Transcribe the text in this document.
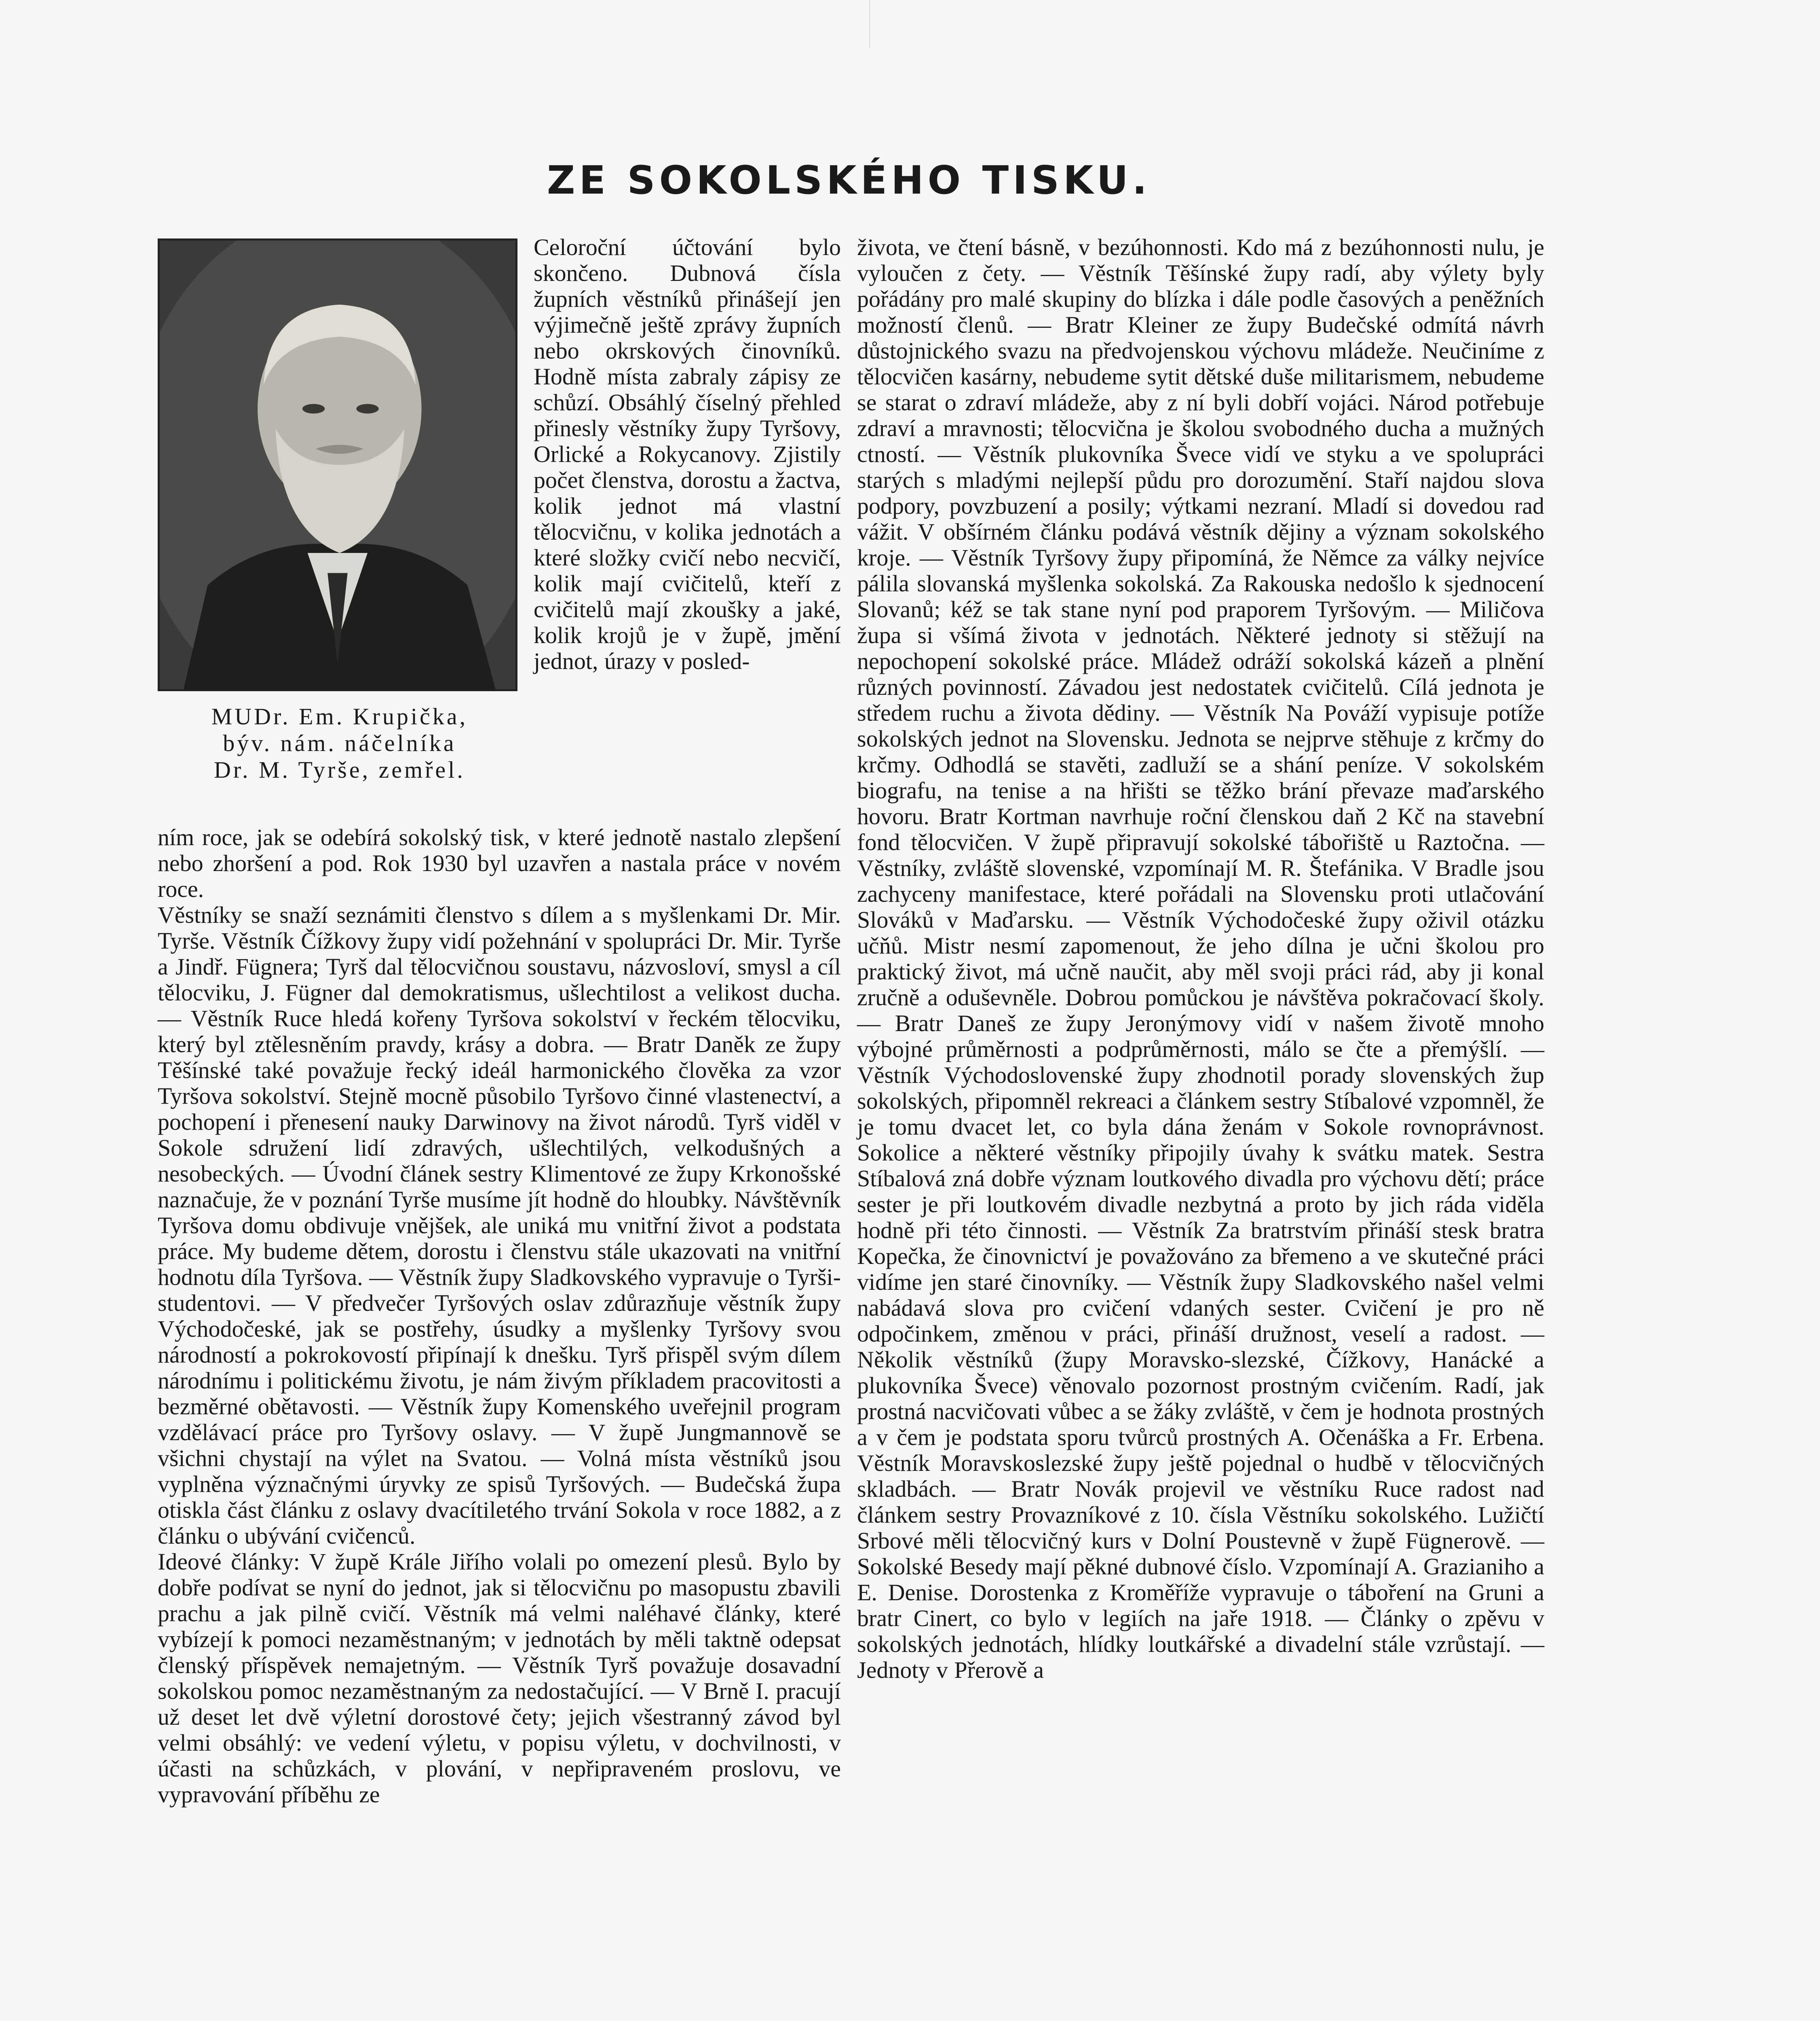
ZE SOKOLSKÉHO TISKU.
MUDr. Em. Krupička,
býv. nám. náčelníka
Dr. M. Tyrše, zemřel.
Celoroční účtování bylo skončeno. Dubnová čísla župních věstníků přinášejí jen výjimečně ještě zprávy župních nebo okrskových činovníků. Hodně místa zabraly zápisy ze schůzí. Obsáhlý číselný přehled přinesly věstníky župy Tyršovy, Orlické a Rokycanovy. Zjistily počet členstva, dorostu a žactva, kolik jednot má vlastní tělocvičnu, v kolika jednotách a které složky cvičí nebo necvičí, kolik mají cvičitelů, kteří z cvičitelů mají zkoušky a jaké, kolik krojů je v župě, jmění jednot, úrazy v posled-
ním roce, jak se odebírá sokolský tisk, v které jednotě nastalo zlepšení nebo zhoršení a pod. Rok 1930 byl uzavřen a nastala práce v novém roce.
Věstníky se snaží seznámiti členstvo s dílem a s myšlenkami Dr. Mir. Tyrše. Věstník Čížkovy župy vidí požehnání v spolupráci Dr. Mir. Tyrše a Jindř. Fügnera; Tyrš dal tělocvičnou soustavu, názvosloví, smysl a cíl tělocviku, J. Fügner dal demokratismus, ušlechtilost a velikost ducha. — Věstník Ruce hledá kořeny Tyršova sokolství v řeckém tělocviku, který byl ztělesněním pravdy, krásy a dobra. — Bratr Daněk ze župy Těšínské také považuje řecký ideál harmonického člověka za vzor Tyršova sokolství. Stejně mocně působilo Tyršovo činné vlastenectví, a pochopení i přenesení nauky Darwinovy na život národů. Tyrš viděl v Sokole sdružení lidí zdravých, ušlechtilých, velkodušných a nesobeckých. — Úvodní článek sestry Klimentové ze župy Krkonošské naznačuje, že v poznání Tyrše musíme jít hodně do hloubky. Návštěvník Tyršova domu obdivuje vnějšek, ale uniká mu vnitřní život a podstata práce. My budeme dětem, dorostu i členstvu stále ukazovati na vnitřní hodnotu díla Tyršova. — Věstník župy Sladkovského vypravuje o Tyrši-studentovi. — V předvečer Tyršových oslav zdůrazňuje věstník župy Východočeské, jak se postřehy, úsudky a myšlenky Tyršovy svou národností a pokrokovostí připínají k dnešku. Tyrš přispěl svým dílem národnímu i politickému životu, je nám živým příkladem pracovitosti a bezměrné obětavosti. — Věstník župy Komenského uveřejnil program vzdělávací práce pro Tyršovy oslavy. — V župě Jungmannově se všichni chystají na výlet na Svatou. — Volná místa věstníků jsou vyplněna význačnými úryvky ze spisů Tyršových. — Budečská župa otiskla část článku z oslavy dvacítiletého trvání Sokola v roce 1882, a z článku o ubývání cvičenců.
Ideové články: V župě Krále Jiřího volali po omezení plesů. Bylo by dobře podívat se nyní do jednot, jak si tělocvičnu po masopustu zbavili prachu a jak pilně cvičí. Věstník má velmi naléhavé články, které vybízejí k pomoci nezaměstnaným; v jednotách by měli taktně odepsat členský příspěvek nemajetným. — Věstník Tyrš považuje dosavadní sokolskou pomoc nezaměstnaným za nedostačující. — V Brně I. pracují už deset let dvě výletní dorostové čety; jejich všestranný závod byl velmi obsáhlý: ve vedení výletu, v popisu výletu, v dochvilnosti, v účasti na schůzkách, v plování, v nepřipraveném proslovu, ve vypravování příběhu ze
života, ve čtení básně, v bezúhonnosti. Kdo má z bezúhonnosti nulu, je vyloučen z čety. — Věstník Těšínské župy radí, aby výlety byly pořádány pro malé skupiny do blízka i dále podle časových a peněžních možností členů. — Bratr Kleiner ze župy Budečské odmítá návrh důstojnického svazu na předvojenskou výchovu mládeže. Neučiníme z tělocvičen kasárny, nebudeme sytit dětské duše militarismem, nebudeme se starat o zdraví mládeže, aby z ní byli dobří vojáci. Národ potřebuje zdraví a mravnosti; tělocvična je školou svobodného ducha a mužných ctností. — Věstník plukovníka Švece vidí ve styku a ve spolupráci starých s mladými nejlepší půdu pro dorozumění. Staří najdou slova podpory, povzbuzení a posily; výtkami nezraní. Mladí si dovedou rad vážit. V obšírném článku podává věstník dějiny a význam sokolského kroje. — Věstník Tyršovy župy připomíná, že Němce za války nejvíce pálila slovanská myšlenka sokolská. Za Rakouska nedošlo k sjednocení Slovanů; kéž se tak stane nyní pod praporem Tyršovým. — Miličova župa si všímá života v jednotách. Některé jednoty si stěžují na nepochopení sokolské práce. Mládež odráží sokolská kázeň a plnění různých povinností. Závadou jest nedostatek cvičitelů. Cílá jednota je středem ruchu a života dědiny. — Věstník Na Pováží vypisuje potíže sokolských jednot na Slovensku. Jednota se nejprve stěhuje z krčmy do krčmy. Odhodlá se stavěti, zadluží se a shání peníze. V sokolském biografu, na tenise a na hřišti se těžko brání převaze maďarského hovoru. Bratr Kortman navrhuje roční členskou daň 2 Kč na stavební fond tělocvičen. V župě připravují sokolské tábořiště u Raztočna. — Věstníky, zvláště slovenské, vzpomínají M. R. Štefánika. V Bradle jsou zachyceny manifestace, které pořádali na Slovensku proti utlačování Slováků v Maďarsku. — Věstník Východočeské župy oživil otázku učňů. Mistr nesmí zapomenout, že jeho dílna je učni školou pro praktický život, má učně naučit, aby měl svoji práci rád, aby ji konal zručně a oduševněle. Dobrou pomůckou je návštěva pokračovací školy. — Bratr Daneš ze župy Jeronýmovy vidí v našem životě mnoho výbojné průměrnosti a podprůměrnosti, málo se čte a přemýšlí. — Věstník Východoslovenské župy zhodnotil porady slovenských žup sokolských, připomněl rekreaci a článkem sestry Stíbalové vzpomněl, že je tomu dvacet let, co byla dána ženám v Sokole rovnoprávnost. Sokolice a některé věstníky připojily úvahy k svátku matek. Sestra Stíbalová zná dobře význam loutkového divadla pro výchovu dětí; práce sester je při loutkovém divadle nezbytná a proto by jich ráda viděla hodně při této činnosti. — Věstník Za bratrstvím přináší stesk bratra Kopečka, že činovnictví je považováno za břemeno a ve skutečné práci vidíme jen staré činovníky. — Věstník župy Sladkovského našel velmi nabádavá slova pro cvičení vdaných sester. Cvičení je pro ně odpočinkem, změnou v práci, přináší družnost, veselí a radost. — Několik věstníků (župy Moravsko-slezské, Čížkovy, Hanácké a plukovníka Švece) věnovalo pozornost prostným cvičením. Radí, jak prostná nacvičovati vůbec a se žáky zvláště, v čem je hodnota prostných a v čem je podstata sporu tvůrců prostných A. Očenáška a Fr. Erbena. Věstník Moravskoslezské župy ještě pojednal o hudbě v tělocvičných skladbách. — Bratr Novák projevil ve věstníku Ruce radost nad článkem sestry Provazníkové z 10. čísla Věstníku sokolského. Lužičtí Srbové měli tělocvičný kurs v Dolní Poustevně v župě Fügnerově. — Sokolské Besedy mají pěkné dubnové číslo. Vzpomínají A. Grazianiho a E. Denise. Dorostenka z Kroměříže vypravuje o táboření na Gruni a bratr Cinert, co bylo v legiích na jaře 1918. — Články o zpěvu v sokolských jednotách, hlídky loutkářské a divadelní stále vzrůstají. — Jednoty v Přerově a
